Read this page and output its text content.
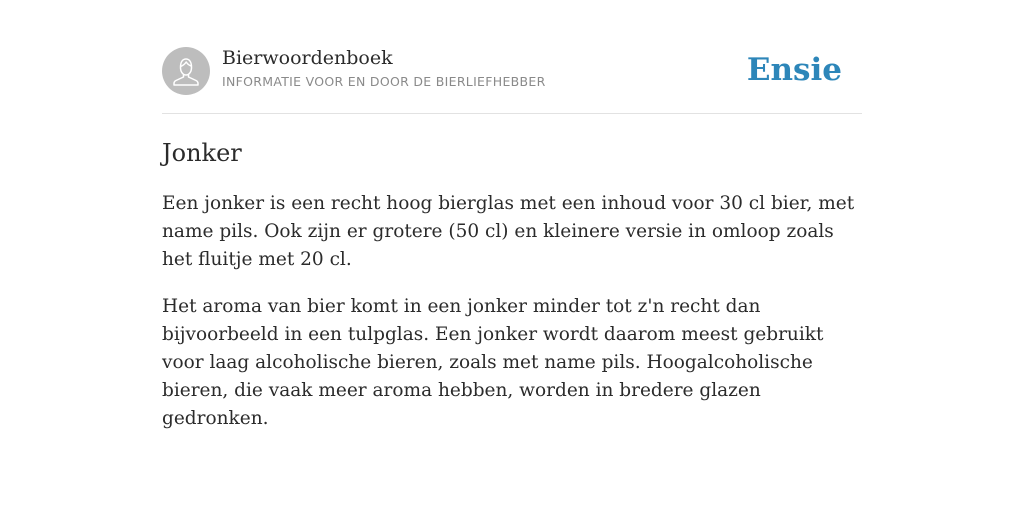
Bierwoordenboek
INFORMATIE VOOR EN DOOR DE BIERLIEFHEBBER	Ensie
Jonker

Een jonker is een recht hoog bierglas met een inhoud voor 30 cl bier, met name pils. Ook zijn er grotere (50 cl) en kleinere versie in omloop zoals het fluitje met 20 cl.

Het aroma van bier komt in een jonker minder tot z'n recht dan bijvoorbeeld in een tulpglas. Een jonker wordt daarom meest gebruikt voor laag alcoholische bieren, zoals met name pils. Hoogalcoholische bieren, die vaak meer aroma hebben, worden in bredere glazen gedronken.
